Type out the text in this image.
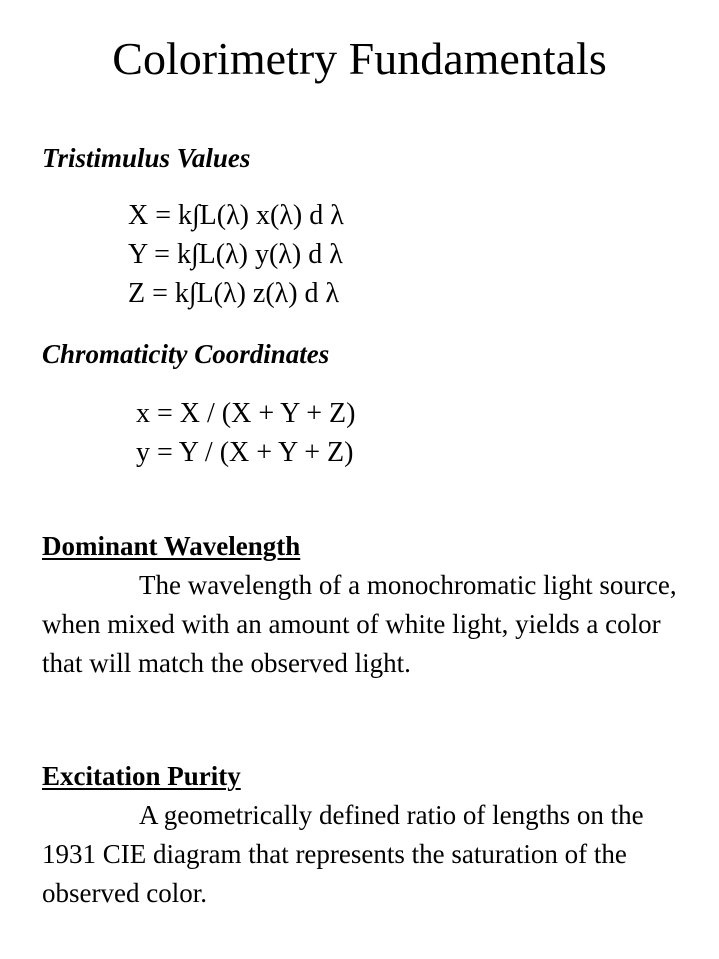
Colorimetry Fundamentals
Tristimulus Values
X = k∫L(λ) x(λ) d λ
Y = k∫L(λ) y(λ) d λ
Z = k∫L(λ) z(λ) d λ
Chromaticity Coordinates
x = X / (X + Y + Z)
y = Y / (X + Y + Z)
Dominant Wavelength

The wavelength of a monochromatic light source, when mixed with an amount of white light, yields a color that will match the observed light.

Excitation Purity

A geometrically defined ratio of lengths on the 1931 CIE diagram that represents the saturation of the observed color.
